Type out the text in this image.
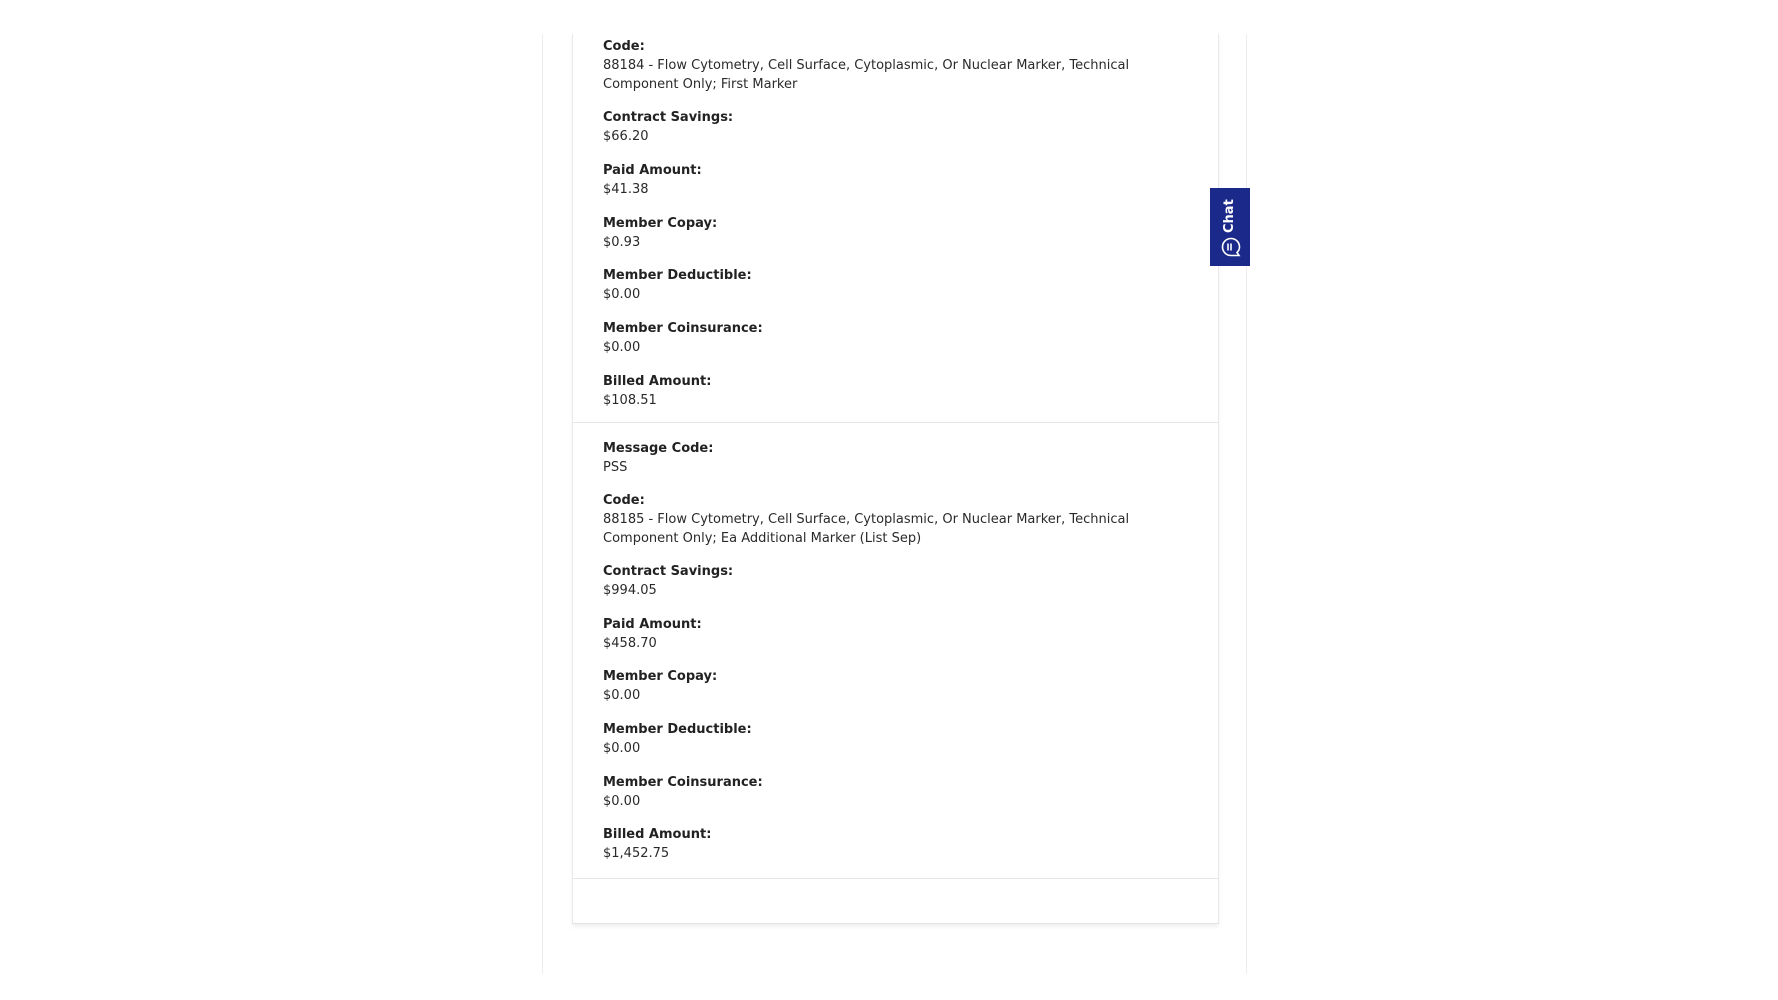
Code:
88184 - Flow Cytometry, Cell Surface, Cytoplasmic, Or Nuclear Marker, Technical Component Only; First Marker
Contract Savings:
$66.20
Paid Amount:
$41.38
Member Copay:
$0.93
Member Deductible:
$0.00
Member Coinsurance:
$0.00
Billed Amount:
$108.51
Message Code:
PSS
Code:
88185 - Flow Cytometry, Cell Surface, Cytoplasmic, Or Nuclear Marker, Technical Component Only; Ea Additional Marker (List Sep)
Contract Savings:
$994.05
Paid Amount:
$458.70
Member Copay:
$0.00
Member Deductible:
$0.00
Member Coinsurance:
$0.00
Billed Amount:
$1,452.75
Chat
